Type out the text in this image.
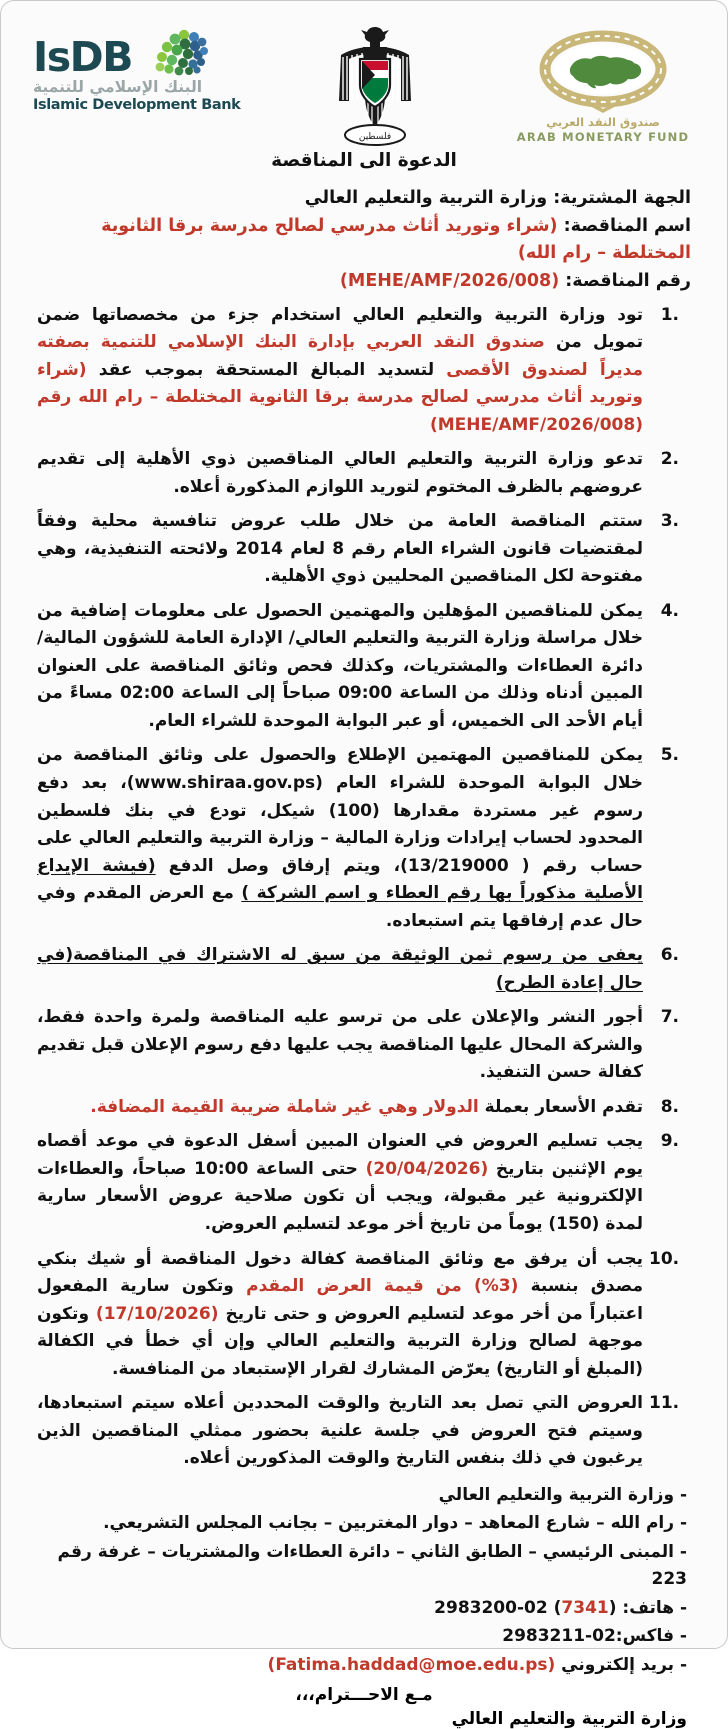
IsDB
البنك الإسلامي للتنمية
Islamic Development Bank
فلسطين
صندوق النقد العربي
ARAB MONETARY FUND
الدعوة الى المناقصة
الجهة المشترية: وزارة التربية والتعليم العالي
اسم المناقصة: (شراء وتوريد أثاث مدرسي لصالح مدرسة برقا الثانوية المختلطة – رام الله)
رقم المناقصة: (MEHE/AMF/2026/008)
تود وزارة التربية والتعليم العالي استخدام جزء من مخصصاتها ضمن تمويل من صندوق النقد العربي بإدارة البنك الإسلامي للتنمية بصفته مديراً لصندوق الأقصى لتسديد المبالغ المستحقة بموجب عقد (شراء وتوريد أثاث مدرسي لصالح مدرسة برقا الثانوية المختلطة – رام الله رقم (MEHE/AMF/2026/008)
تدعو وزارة التربية والتعليم العالي المناقصين ذوي الأهلية إلى تقديم عروضهم بالظرف المختوم لتوريد اللوازم المذكورة أعلاه.
ستتم المناقصة العامة من خلال طلب عروض تنافسية محلية وفقاً لمقتضيات قانون الشراء العام رقم 8 لعام 2014 ولائحته التنفيذية، وهي مفتوحة لكل المناقصين المحليين ذوي الأهلية.
يمكن للمناقصين المؤهلين والمهتمين الحصول على معلومات إضافية من خلال مراسلة وزارة التربية والتعليم العالي/ الإدارة العامة للشؤون المالية/ دائرة العطاءات والمشتريات، وكذلك فحص وثائق المناقصة على العنوان المبين أدناه وذلك من الساعة 09:00 صباحاً إلى الساعة 02:00 مساءً من أيام الأحد الى الخميس، أو عبر البوابة الموحدة للشراء العام.
يمكن للمناقصين المهتمين الإطلاع والحصول على وثائق المناقصة من خلال البوابة الموحدة للشراء العام (www.shiraa.gov.ps)، بعد دفع رسوم غير مستردة مقدارها (100) شيكل، تودع في بنك فلسطين المحدود لحساب إيرادات وزارة المالية – وزارة التربية والتعليم العالي على حساب رقم ( 13/219000)، ويتم إرفاق وصل الدفع (فيشة الإيداع الأصلية مذكوراً بها رقم العطاء و اسم الشركة ) مع العرض المقدم وفي حال عدم إرفاقها يتم استبعاده.
يعفى من رسوم ثمن الوثيقة من سبق له الاشتراك في المناقصة(في حال إعادة الطرح)
أجور النشر والإعلان على من ترسو عليه المناقصة ولمرة واحدة فقط، والشركة المحال عليها المناقصة يجب عليها دفع رسوم الإعلان قبل تقديم كفالة حسن التنفيذ.
تقدم الأسعار بعملة الدولار وهي غير شاملة ضريبة القيمة المضافة.
يجب تسليم العروض في العنوان المبين أسفل الدعوة في موعد أقصاه يوم الإثنين بتاريخ (20/04/2026) حتى الساعة 10:00 صباحاً، والعطاءات الإلكترونية غير مقبولة، ويجب أن تكون صلاحية عروض الأسعار سارية لمدة (150) يوماً من تاريخ أخر موعد لتسليم العروض.
يجب أن يرفق مع وثائق المناقصة كفالة دخول المناقصة أو شيك بنكي مصدق بنسبة (3%) من قيمة العرض المقدم وتكون سارية المفعول اعتباراً من أخر موعد لتسليم العروض و حتى تاريخ (17/10/2026) وتكون موجهة لصالح وزارة التربية والتعليم العالي وإن أي خطأ في الكفالة (المبلغ أو التاريخ) يعرّض المشارك لقرار الإستبعاد من المنافسة.
العروض التي تصل بعد التاريخ والوقت المحددين أعلاه سيتم استبعادها، وسيتم فتح العروض في جلسة علنية بحضور ممثلي المناقصين الذين يرغبون في ذلك بنفس التاريخ والوقت المذكورين أعلاه.
- وزارة التربية والتعليم العالي
- رام الله – شارع المعاهد – دوار المغتربين – بجانب المجلس التشريعي.
- المبنى الرئيسي – الطابق الثاني – دائرة العطاءات والمشتريات – غرفة رقم 223
- هاتف: (7341) 02-2983200
- فاكس:02-2983211
- بريد إلكتروني (Fatima.haddad@moe.edu.ps)
مـع الاحـــترام،،،
وزارة التربية والتعليم العالي
